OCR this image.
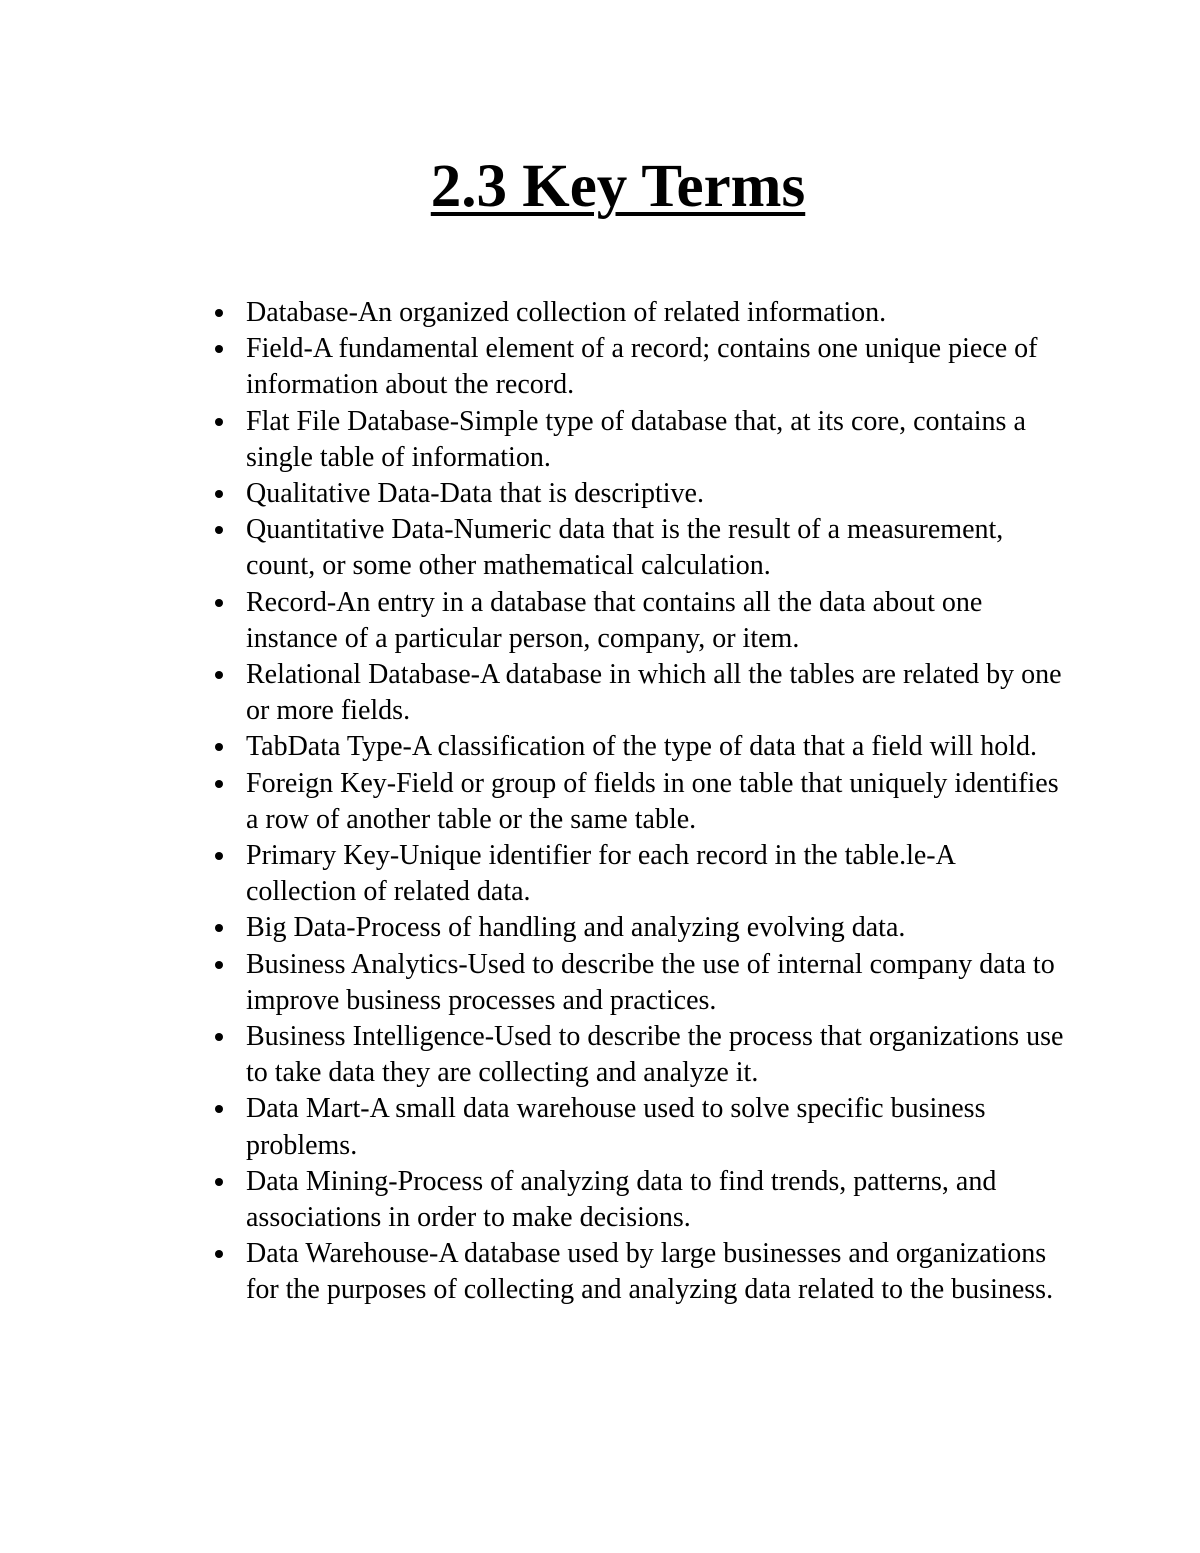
2.3 Key Terms
Database-An organized collection of related information.
Field-A fundamental element of a record; contains one unique piece of information about the record.
Flat File Database-Simple type of database that, at its core, contains a single table of information.
Qualitative Data-Data that is descriptive.
Quantitative Data-Numeric data that is the result of a measurement, count, or some other mathematical calculation.
Record-An entry in a database that contains all the data about one instance of a particular person, company, or item.
Relational Database-A database in which all the tables are related by one or more fields.
TabData Type-A classification of the type of data that a field will hold.
Foreign Key-Field or group of fields in one table that uniquely identifies a row of another table or the same table.
Primary Key-Unique identifier for each record in the table.le-A collection of related data.
Big Data-Process of handling and analyzing evolving data.
Business Analytics-Used to describe the use of internal company data to improve business processes and practices.
Business Intelligence-Used to describe the process that organizations use to take data they are collecting and analyze it.
Data Mart-A small data warehouse used to solve specific business problems.
Data Mining-Process of analyzing data to find trends, patterns, and associations in order to make decisions.
Data Warehouse-A database used by large businesses and organizations for the purposes of collecting and analyzing data related to the business.
